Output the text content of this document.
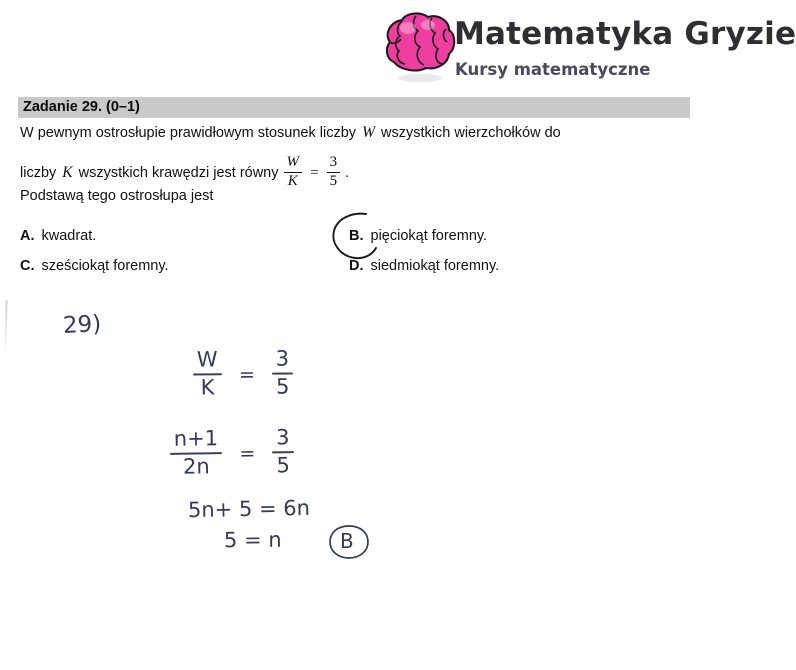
Matematyka Gryzie
Kursy matematyczne
Zadanie 29. (0–1)
W pewnym ostrosłupie prawidłowym stosunek liczby W wszystkich wierzchołków do
liczby K wszystkich krawędzi jest równy $\frac{W}{K} = \frac{3}{5}$ .
Podstawą tego ostrosłupa jest
A. kwadrat.
C. sześciokąt foremny.
B. pięciokąt foremny.
D. siedmiokąt foremny.
29)
$\frac{W}{K} = \frac{3}{5}$
$\frac{n+1}{2n} = \frac{3}{5}$
5n+ 5 = 6n
5 = n	B
